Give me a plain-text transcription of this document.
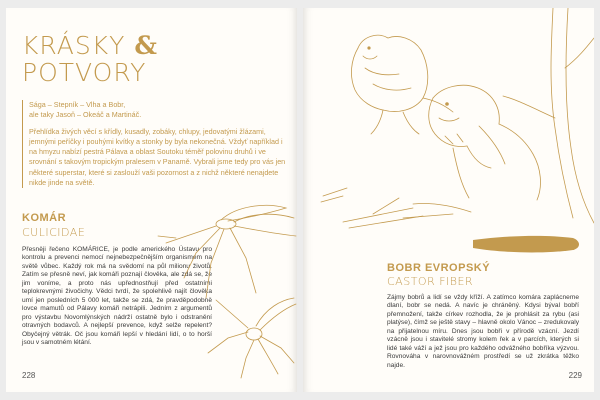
KRÁSKY &
POTVORY

Sága – Stepník – Vlha a Bobr,
ale taky Jasoň – Okeáč a Martináč.

Přehlídka živých věcí s křídly, kusadly, zobáky, chlupy, jedovatými žlázami, jemnými peříčky i pouhými kvítky a stonky by byla nekonečná. Vždyť například i na hmyzu nabízí pestrá Pálava a oblast Soutoku téměř polovinu druhů i ve srovnání s takovým tropickým pralesem v Panamě. Vybrali jsme tedy pro vás jen některé superstar, které si zaslouží vaši pozornost a z nichž některé nenajdete nikde jinde na světě.

KOMÁR
CULICIDAE

Přesněji řečeno KOMÁRICE, je podle amerického Ústavu pro kontrolu a prevenci nemocí nejnebezpečnějším organismem na světě vůbec. Každý rok má na svědomí na půl milionu životů. Zatím se přesně neví, jak komáři poznají člověka, ale zdá se, že jim voníme, a proto nás upřednostňují před ostatními teplokrevnými živočichy. Vědci tvrdí, že spolehlivě najít člověka umí jen posledních 5 000 let, takže se zdá, že pravděpodobně lovce mamutů od Pálavy komáři netrápili. Jedním z argumentů pro výstavbu Novomlýnských nádrží ostatně bylo i odstranění otravných bodavců. A nejlepší prevence, když selže repelent? Obyčejný větrák. Oč jsou komáři lepší v hledání lidí, o to horší jsou v samotném létání.

228
BOBR EVROPSKÝ
CASTOR FIBER

Zájmy bobrů a lidí se vždy kříží. A zatímco komára zaplácneme dlaní, bobr se nedá. A navíc je chráněný. Kdysi býval bobří přemnožení, takže církev rozhodla, že je prohlásit za rybu (asi platýse), čímž se ještě stavy – hlavně okolo Vánoc – zredukovaly na přijatelnou míru. Dnes jsou bobři v přírodě vzácní. Jezdí vzácně jsou i stavitelé stromy kolem řek a v parcích, kterých si lidé také váží a jež jsou pro každého odvážného bobříka výzvou. Rovnováha v narovnovážném prostředí se už zkrátka těžko najde.

229
